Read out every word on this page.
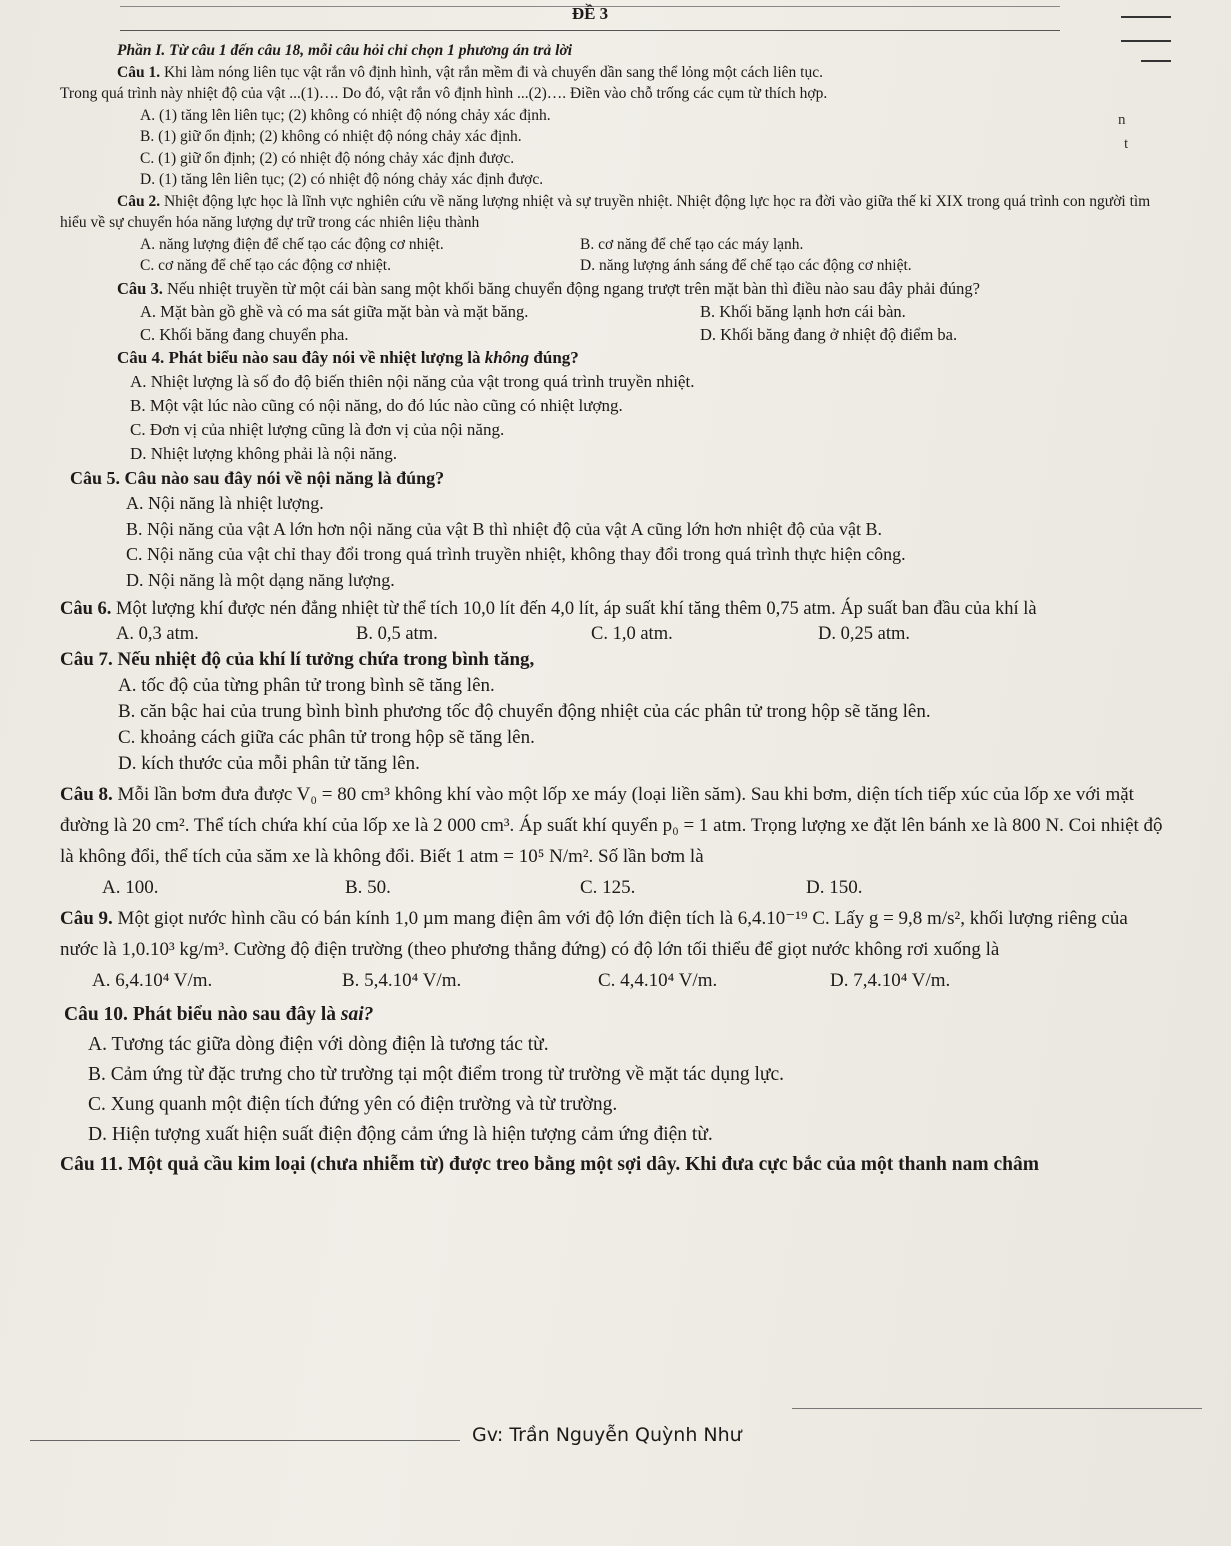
ĐỀ 3
n
t
Phần I. Từ câu 1 đến câu 18, mỗi câu hỏi chỉ chọn 1 phương án trả lời
Câu 1. Khi làm nóng liên tục vật rắn vô định hình, vật rắn mềm đi và chuyển dần sang thể lỏng một cách liên tục.
Trong quá trình này nhiệt độ của vật ...(1)…. Do đó, vật rắn vô định hình ...(2)…. Điền vào chỗ trống các cụm từ thích hợp.
A. (1) tăng lên liên tục; (2) không có nhiệt độ nóng chảy xác định.
B. (1) giữ ổn định; (2) không có nhiệt độ nóng chảy xác định.
C. (1) giữ ổn định; (2) có nhiệt độ nóng chảy xác định được.
D. (1) tăng lên liên tục; (2) có nhiệt độ nóng chảy xác định được.
Câu 2. Nhiệt động lực học là lĩnh vực nghiên cứu về năng lượng nhiệt và sự truyền nhiệt. Nhiệt động lực học ra đời vào giữa thế kỉ XIX trong quá trình con người tìm hiểu về sự chuyển hóa năng lượng dự trữ trong các nhiên liệu thành
A. năng lượng điện để chế tạo các động cơ nhiệt.	B. cơ năng để chế tạo các máy lạnh.
C. cơ năng để chế tạo các động cơ nhiệt.	D. năng lượng ánh sáng để chế tạo các động cơ nhiệt.
Câu 3. Nếu nhiệt truyền từ một cái bàn sang một khối băng chuyển động ngang trượt trên mặt bàn thì điều nào sau đây phải đúng?
A. Mặt bàn gồ ghề và có ma sát giữa mặt bàn và mặt băng.	B. Khối băng lạnh hơn cái bàn.
C. Khối băng đang chuyển pha.	D. Khối băng đang ở nhiệt độ điểm ba.
Câu 4. Phát biểu nào sau đây nói về nhiệt lượng là không đúng?
A. Nhiệt lượng là số đo độ biến thiên nội năng của vật trong quá trình truyền nhiệt.
B. Một vật lúc nào cũng có nội năng, do đó lúc nào cũng có nhiệt lượng.
C. Đơn vị của nhiệt lượng cũng là đơn vị của nội năng.
D. Nhiệt lượng không phải là nội năng.
Câu 5. Câu nào sau đây nói về nội năng là đúng?
A. Nội năng là nhiệt lượng.
B. Nội năng của vật A lớn hơn nội năng của vật B thì nhiệt độ của vật A cũng lớn hơn nhiệt độ của vật B.
C. Nội năng của vật chỉ thay đổi trong quá trình truyền nhiệt, không thay đổi trong quá trình thực hiện công.
D. Nội năng là một dạng năng lượng.
Câu 6. Một lượng khí được nén đẳng nhiệt từ thể tích 10,0 lít đến 4,0 lít, áp suất khí tăng thêm 0,75 atm. Áp suất ban đầu của khí là
A. 0,3 atm.	B. 0,5 atm.	C. 1,0 atm.	D. 0,25 atm.
Câu 7. Nếu nhiệt độ của khí lí tưởng chứa trong bình tăng,
A. tốc độ của từng phân tử trong bình sẽ tăng lên.
B. căn bậc hai của trung bình bình phương tốc độ chuyển động nhiệt của các phân tử trong hộp sẽ tăng lên.
C. khoảng cách giữa các phân tử trong hộp sẽ tăng lên.
D. kích thước của mỗi phân tử tăng lên.
Câu 8. Mỗi lần bơm đưa được V₀ = 80 cm³ không khí vào một lốp xe máy (loại liền săm). Sau khi bơm, diện tích tiếp xúc của lốp xe với mặt đường là 20 cm². Thể tích chứa khí của lốp xe là 2 000 cm³. Áp suất khí quyển p₀ = 1 atm. Trọng lượng xe đặt lên bánh xe là 800 N. Coi nhiệt độ là không đổi, thể tích của săm xe là không đổi. Biết 1 atm = 10⁵ N/m². Số lần bơm là
A. 100.	B. 50.	C. 125.	D. 150.
Câu 9. Một giọt nước hình cầu có bán kính 1,0 µm mang điện âm với độ lớn điện tích là 6,4.10⁻¹⁹ C. Lấy g = 9,8 m/s², khối lượng riêng của nước là 1,0.10³ kg/m³. Cường độ điện trường (theo phương thẳng đứng) có độ lớn tối thiểu để giọt nước không rơi xuống là
A. 6,4.10⁴ V/m.	B. 5,4.10⁴ V/m.	C. 4,4.10⁴ V/m.	D. 7,4.10⁴ V/m.
Câu 10. Phát biểu nào sau đây là sai?
A. Tương tác giữa dòng điện với dòng điện là tương tác từ.
B. Cảm ứng từ đặc trưng cho từ trường tại một điểm trong từ trường về mặt tác dụng lực.
C. Xung quanh một điện tích đứng yên có điện trường và từ trường.
D. Hiện tượng xuất hiện suất điện động cảm ứng là hiện tượng cảm ứng điện từ.
Câu 11. Một quả cầu kim loại (chưa nhiễm từ) được treo bằng một sợi dây. Khi đưa cực bắc của một thanh nam châm
Gv: Trần Nguyễn Quỳnh Như
